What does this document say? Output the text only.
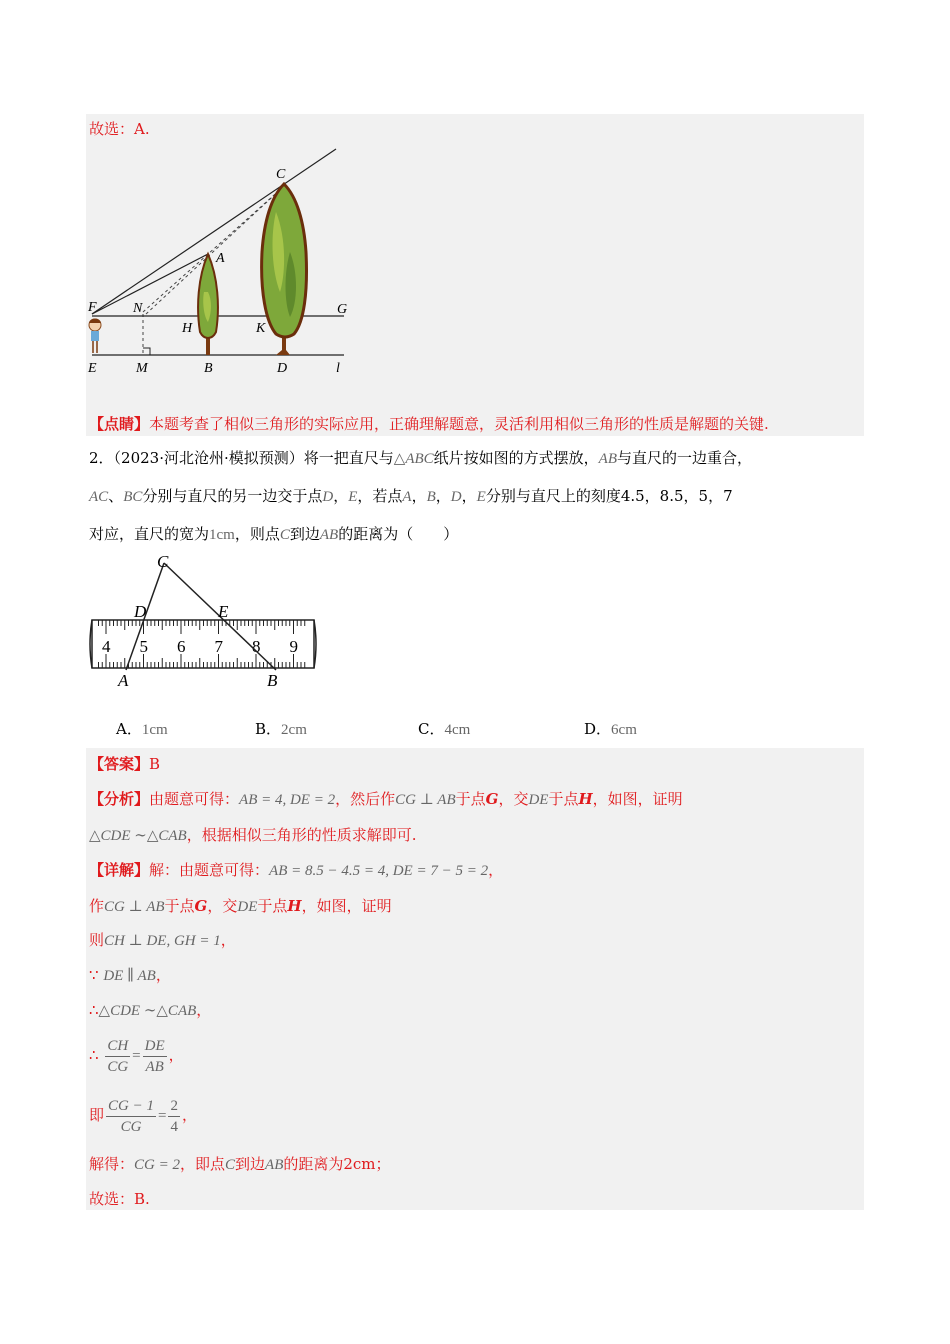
故选：A.
C
A
F	N	G
H	K
E	M	B	D	l
【点睛】本题考查了相似三角形的实际应用，正确理解题意，灵活利用相似三角形的性质是解题的关键.
2．（2023·河北沧州·模拟预测）将一把直尺与△ABC纸片按如图的方式摆放，AB与直尺的一边重合，
AC、BC分别与直尺的另一边交于点D，E，若点A，B，D，E分别与直尺上的刻度4.5，8.5，5，7
对应，直尺的宽为1cm，则点C到边AB的距离为（　　）
4 5 6 7 8 9
C
D	E
A	B
A．1cm	B．2cm	C．4cm	D．6cm
【答案】B
【分析】由题意可得：AB = 4, DE = 2，然后作CG ⊥ AB于点G，交DE于点H，如图，证明
△CDE ∼△CAB，根据相似三角形的性质求解即可.
【详解】解：由题意可得：AB = 8.5 − 4.5 = 4, DE = 7 − 5 = 2，
作CG ⊥ AB于点G，交DE于点H，如图，证明
则CH ⊥ DE, GH = 1，
∵ DE ∥ AB，
∴△CDE ∼△CAB，
∴ $\frac{CH}{CG} = \frac{DE}{AB}$ ，
即 $\frac{CG - 1}{CG} = \frac{2}{4}$ ，
解得：CG = 2，即点C到边AB的距离为2cm；
故选：B.
